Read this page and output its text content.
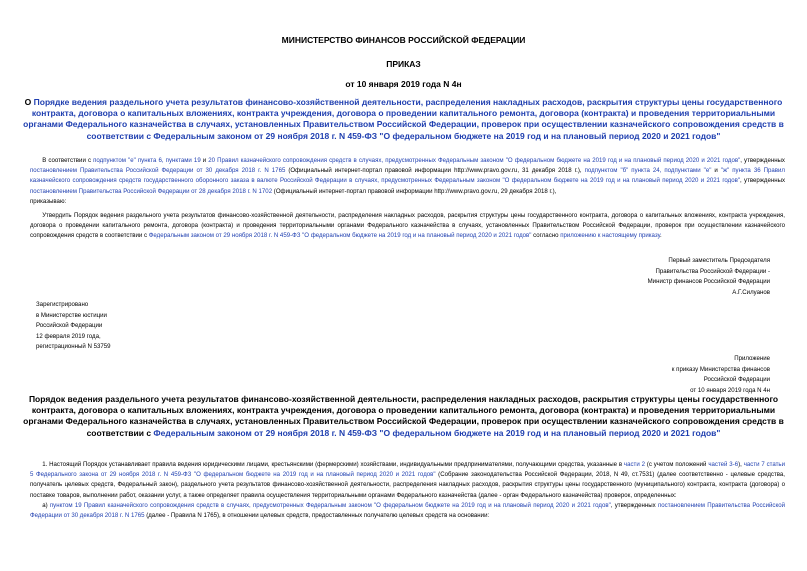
МИНИСТЕРСТВО ФИНАНСОВ РОССИЙСКОЙ ФЕДЕРАЦИИ
ПРИКАЗ
от 10 января 2019 года N 4н
О Порядке ведения раздельного учета результатов финансово-хозяйственной деятельности, распределения накладных расходов, раскрытия структуры цены государственного контракта, договора о капитальных вложениях, контракта учреждения, договора о проведении капитального ремонта, договора (контракта) и проведения территориальными органами Федерального казначейства в случаях, установленных Правительством Российской Федерации, проверок при осуществлении казначейского сопровождения средств в соответствии с Федеральным законом от 29 ноября 2018 г. N 459-ФЗ "О федеральном бюджете на 2019 год и на плановый период 2020 и 2021 годов"
  В соответствии с подпунктом "е" пункта 6, пунктами 19 и 20 Правил казначейского сопровождения средств в случаях, предусмотренных Федеральным законом "О федеральном бюджете на 2019 год и на плановый период 2020 и 2021 годов", утвержденных постановлением Правительства Российской Федерации от 30 декабря 2018 г. N 1765 (Официальный интернет-портал правовой информации http://www.pravo.gov.ru, 31 декабря 2018 г.), подпунктом "б" пункта 24, подпунктами "е" и "ж" пункта 36 Правил казначейского сопровождения средств государственного оборонного заказа в валюте Российской Федерации в случаях, предусмотренных Федеральным законом "О федеральном бюджете на 2019 год и на плановый период 2020 и 2021 годов", утвержденных постановлением Правительства Российской Федерации от 28 декабря 2018 г. N 1702 (Официальный интернет-портал правовой информации http://www.pravo.gov.ru, 29 декабря 2018 г.),
приказываю:
  Утвердить Порядок ведения раздельного учета результатов финансово-хозяйственной деятельности, распределения накладных расходов, раскрытия структуры цены государственного контракта, договора о капитальных вложениях, контракта учреждения, договора о проведении капитального ремонта, договора (контракта) и проведения территориальными органами Федерального казначейства в случаях, установленных Правительством Российской Федерации, проверок при осуществлении казначейского сопровождения средств в соответствии с Федеральным законом от 29 ноября 2018 г. N 459-ФЗ "О федеральном бюджете на 2019 год и на плановый период 2020 и 2021 годов" согласно приложению к настоящему приказу.
Первый заместитель Председателя
Правительства Российской Федерации -
Министр финансов Российской Федерации
А.Г.Силуанов
Зарегистрировано
в Министерстве юстиции
Российской Федерации
12 февраля 2019 года,
регистрационный N 53759
Приложение
к приказу Министерства финансов
Российской Федерации
от 10 января 2019 года N 4н
Порядок ведения раздельного учета результатов финансово-хозяйственной деятельности, распределения накладных расходов, раскрытия структуры цены государственного контракта, договора о капитальных вложениях, контракта учреждения, договора о проведении капитального ремонта, договора (контракта) и проведения территориальными органами Федерального казначейства в случаях, установленных Правительством Российской Федерации, проверок при осуществлении казначейского сопровождения средств в соответствии с Федеральным законом от 29 ноября 2018 г. N 459-ФЗ "О федеральном бюджете на 2019 год и на плановый период 2020 и 2021 годов"
  1. Настоящий Порядок устанавливает правила ведения юридическими лицами, крестьянскими (фермерскими) хозяйствами, индивидуальными предпринимателями, получающими средства, указанные в части 2 (с учетом положений частей 3-6), части 7 статьи 5 Федерального закона от 29 ноября 2018 г. N 459-ФЗ "О федеральном бюджете на 2019 год и на плановый период 2020 и 2021 годов" (Собрание законодательства Российской Федерации, 2018, N 49, ст.7531) (далее соответственно - целевые средства, получатель целевых средств, Федеральный закон), раздельного учета результатов финансово-хозяйственной деятельности, распределения накладных расходов, раскрытия структуры цены государственного (муниципального) контракта, контракта (договора) о поставке товаров, выполнении работ, оказании услуг, а также определяет правила осуществления территориальными органами Федерального казначейства (далее - орган Федерального казначейства) проверок, определенных:
  а) пунктом 19 Правил казначейского сопровождения средств в случаях, предусмотренных Федеральным законом "О федеральном бюджете на 2019 год и на плановый период 2020 и 2021 годов", утвержденных постановлением Правительства Российской Федерации от 30 декабря 2018 г. N 1765 (далее - Правила N 1765), в отношении целевых средств, предоставленных получателю целевых средств на основании:
